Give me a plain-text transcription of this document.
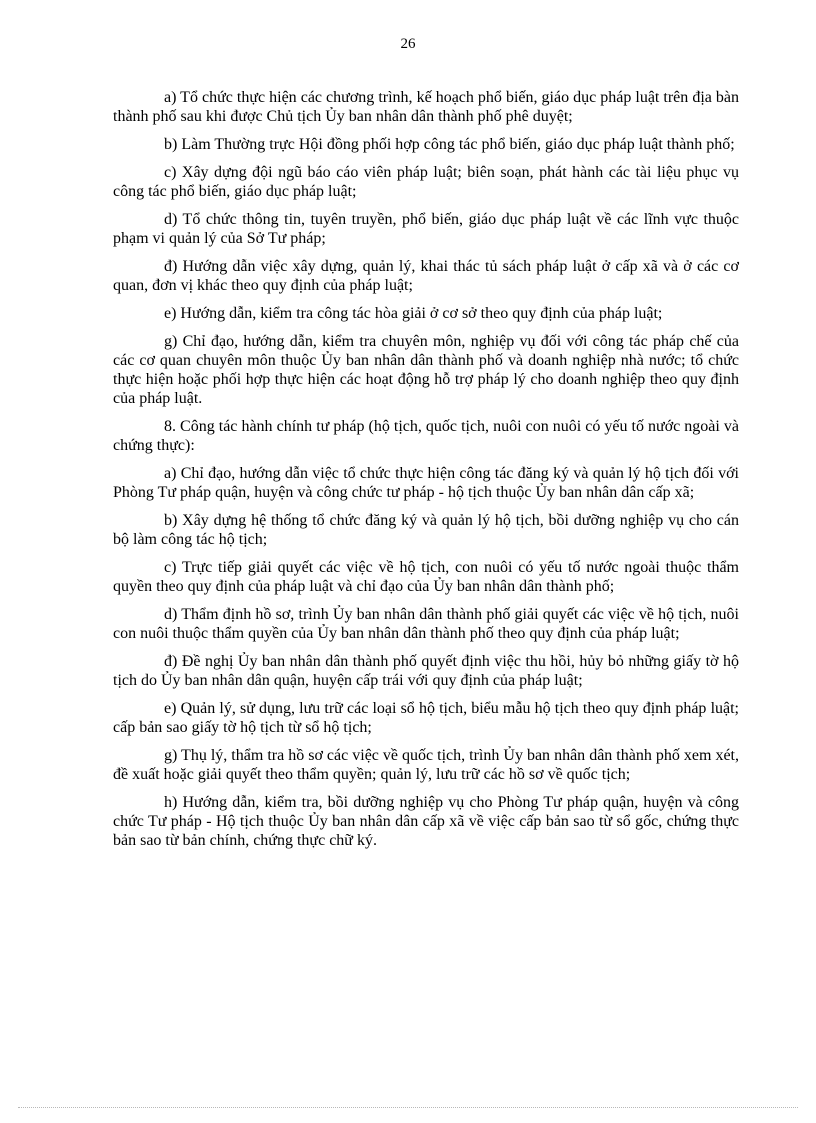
26

a) Tổ chức thực hiện các chương trình, kế hoạch phổ biến, giáo dục pháp luật trên địa bàn thành phố sau khi được Chủ tịch Ủy ban nhân dân thành phố phê duyệt;

b) Làm Thường trực Hội đồng phối hợp công tác phổ biến, giáo dục pháp luật thành phố;

c) Xây dựng đội ngũ báo cáo viên pháp luật; biên soạn, phát hành các tài liệu phục vụ công tác phổ biến, giáo dục pháp luật;

d) Tổ chức thông tin, tuyên truyền, phổ biến, giáo dục pháp luật về các lĩnh vực thuộc phạm vi quản lý của Sở Tư pháp;

đ) Hướng dẫn việc xây dựng, quản lý, khai thác tủ sách pháp luật ở cấp xã và ở các cơ quan, đơn vị khác theo quy định của pháp luật;

e) Hướng dẫn, kiểm tra công tác hòa giải ở cơ sở theo quy định của pháp luật;

g) Chỉ đạo, hướng dẫn, kiểm tra chuyên môn, nghiệp vụ đối với công tác pháp chế của các cơ quan chuyên môn thuộc Ủy ban nhân dân thành phố và doanh nghiệp nhà nước; tổ chức thực hiện hoặc phối hợp thực hiện các hoạt động hỗ trợ pháp lý cho doanh nghiệp theo quy định của pháp luật.

8. Công tác hành chính tư pháp (hộ tịch, quốc tịch, nuôi con nuôi có yếu tố nước ngoài và chứng thực):

a) Chỉ đạo, hướng dẫn việc tổ chức thực hiện công tác đăng ký và quản lý hộ tịch đối với Phòng Tư pháp quận, huyện và công chức tư pháp - hộ tịch thuộc Ủy ban nhân dân cấp xã;

b) Xây dựng hệ thống tổ chức đăng ký và quản lý hộ tịch, bồi dưỡng nghiệp vụ cho cán bộ làm công tác hộ tịch;

c) Trực tiếp giải quyết các việc về hộ tịch, con nuôi có yếu tố nước ngoài thuộc thẩm quyền theo quy định của pháp luật và chỉ đạo của Ủy ban nhân dân thành phố;

d) Thẩm định hồ sơ, trình Ủy ban nhân dân thành phố giải quyết các việc về hộ tịch, nuôi con nuôi thuộc thẩm quyền của Ủy ban nhân dân thành phố theo quy định của pháp luật;

đ) Đề nghị Ủy ban nhân dân thành phố quyết định việc thu hồi, hủy bỏ những giấy tờ hộ tịch do Ủy ban nhân dân quận, huyện cấp trái với quy định của pháp luật;

e) Quản lý, sử dụng, lưu trữ các loại sổ hộ tịch, biểu mẫu hộ tịch theo quy định pháp luật; cấp bản sao giấy tờ hộ tịch từ sổ hộ tịch;

g) Thụ lý, thẩm tra hồ sơ các việc về quốc tịch, trình Ủy ban nhân dân thành phố xem xét, đề xuất hoặc giải quyết theo thẩm quyền; quản lý, lưu trữ các hồ sơ về quốc tịch;

h) Hướng dẫn, kiểm tra, bồi dưỡng nghiệp vụ cho Phòng Tư pháp quận, huyện và công chức Tư pháp - Hộ tịch thuộc Ủy ban nhân dân cấp xã về việc cấp bản sao từ sổ gốc, chứng thực bản sao từ bản chính, chứng thực chữ ký.
